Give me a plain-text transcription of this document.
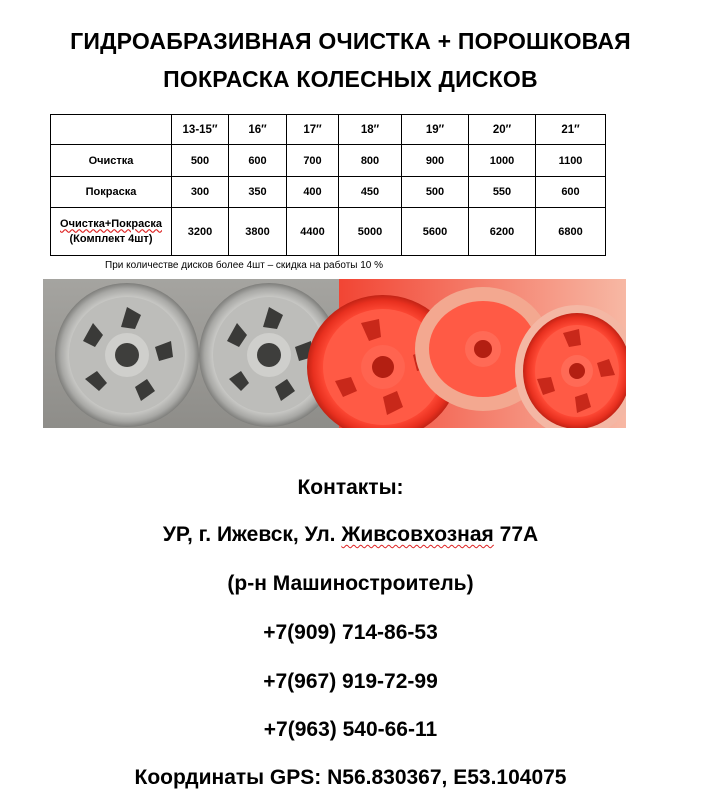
ГИДРОАБРАЗИВНАЯ ОЧИСТКА + ПОРОШКОВАЯ
ПОКРАСКА КОЛЕСНЫХ ДИСКОВ
	13-15″	16″	17″	18″	19″	20″	21″
Очистка	500	600	700	800	900	1000	1100
Покраска	300	350	400	450	500	550	600
Очистка+Покраска
(Комплект 4шт)	3200	3800	4400	5000	5600	6200	6800
При количестве дисков более 4шт – скидка на работы 10 %
Контакты:
УР, г. Ижевск, Ул. Живсовхозная 77А
(р-н Машиностроитель)
+7(909) 714-86-53
+7(967) 919-72-99
+7(963) 540-66-11
Координаты GPS: N56.830367, E53.104075
